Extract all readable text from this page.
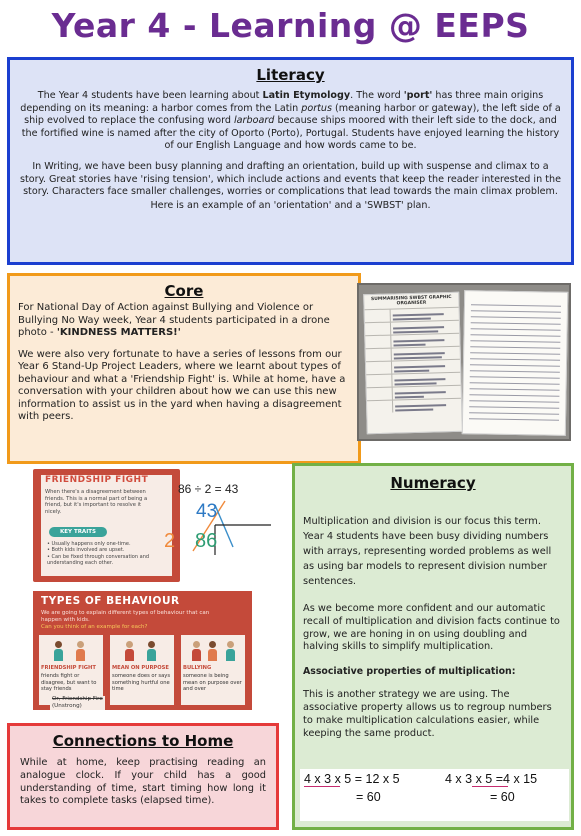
Year 4 - Learning @ EEPS
Literacy

The Year 4 students have been learning about Latin Etymology. The word 'port' has three main origins depending on its meaning: a harbor comes from the Latin portus (meaning harbor or gateway), the left side of a ship evolved to replace the confusing word larboard because ships moored with their left side to the dock, and the fortified wine is named after the city of Oporto (Porto), Portugal. Students have enjoyed learning the history of our English Language and how words came to be.

In Writing, we have been busy planning and drafting an orientation, build up with suspense and climax to a story. Great stories have 'rising tension', which include actions and events that keep the reader interested in the story. Characters face smaller challenges, worries or complications that lead towards the main climax problem.

Here is an example of an 'orientation' and a 'SWBST' plan.

Core

For National Day of Action against Bullying and Violence or Bullying No Way week, Year 4 students participated in a drone photo - 'KINDNESS MATTERS!'

We were also very fortunate to have a series of lessons from our Year 6 Stand-Up Project Leaders, where we learnt about types of behaviour and what a 'Friendship Fight' is. While at home, have a conversation with your children about how we can use this new information to assist us in the yard when having a disagreement with peers.

SUMMARISING SWBST GRAPHIC ORGANISER
FRIENDSHIP FIGHT
When there's a disagreement between friends. This is a normal part of being a friend, but it's important to resolve it nicely.
KEY TRAITS
• Usually happens only one-time.
• Both kids involved are upset.
• Can be fixed through conversation and understanding each other.
86 ÷ 2 = 43
43
2 86
TYPES OF BEHAVIOUR
We are going to explain different types of behaviour that can happen with kids.
Can you think of an example for each?
FRIENDSHIP FIGHT
friends fight or disagree, but want to stay friends
MEAN ON PURPOSE
someone does or says something hurtful one time
BULLYING
someone is being mean on purpose over and over
Or, Friendship Fire
(Unstrong)
Connections to Home

While at home, keep practising reading an analogue clock. If your child has a good understanding of time, start timing how long it takes to complete tasks (elapsed time).

Numeracy

Multiplication and division is our focus this term. Year 4 students have been busy dividing numbers with arrays, representing worded problems as well as using bar models to represent division number sentences.

As we become more confident and our automatic recall of multiplication and division facts continue to grow, we are honing in on using doubling and halving skills to simplify multiplication.

Associative properties of multiplication:

This is another strategy we are using. The associative property allows us to regroup numbers to make multiplication calculations easier, while keeping the same product.

4 x 3 x 5 = 12 x 5
= 60
4 x 3 x 5 =4 x 15
= 60
